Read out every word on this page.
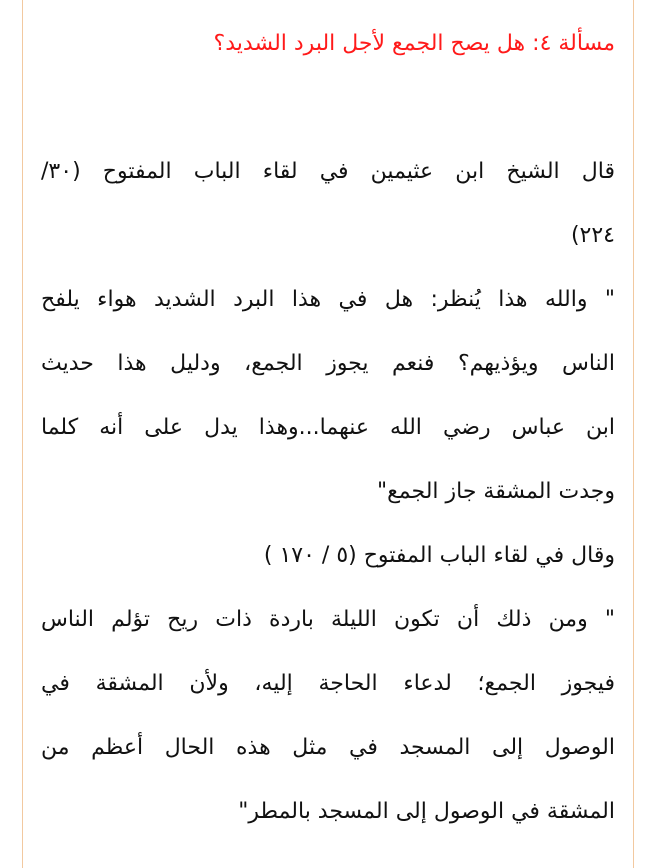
مسألة ٤: هل يصح الجمع لأجل البرد الشديد؟

قال الشيخ ابن عثيمين في لقاء الباب المفتوح (٣٠/
٢٢٤)

" والله هذا يُنظر: هل في هذا البرد الشديد هواء يلفح
الناس ويؤذيهم؟ فنعم يجوز الجمع، ودليل هذا حديث
ابن عباس رضي الله عنهما...وهذا يدل على أنه كلما
وجدت المشقة جاز الجمع"

وقال في لقاء الباب المفتوح (٥ / ١٧٠ )

" ومن ذلك أن تكون الليلة باردة ذات ريح تؤلم الناس
فيجوز الجمع؛ لدعاء الحاجة إليه، ولأن المشقة في
الوصول إلى المسجد في مثل هذه الحال أعظم من
المشقة في الوصول إلى المسجد بالمطر"
